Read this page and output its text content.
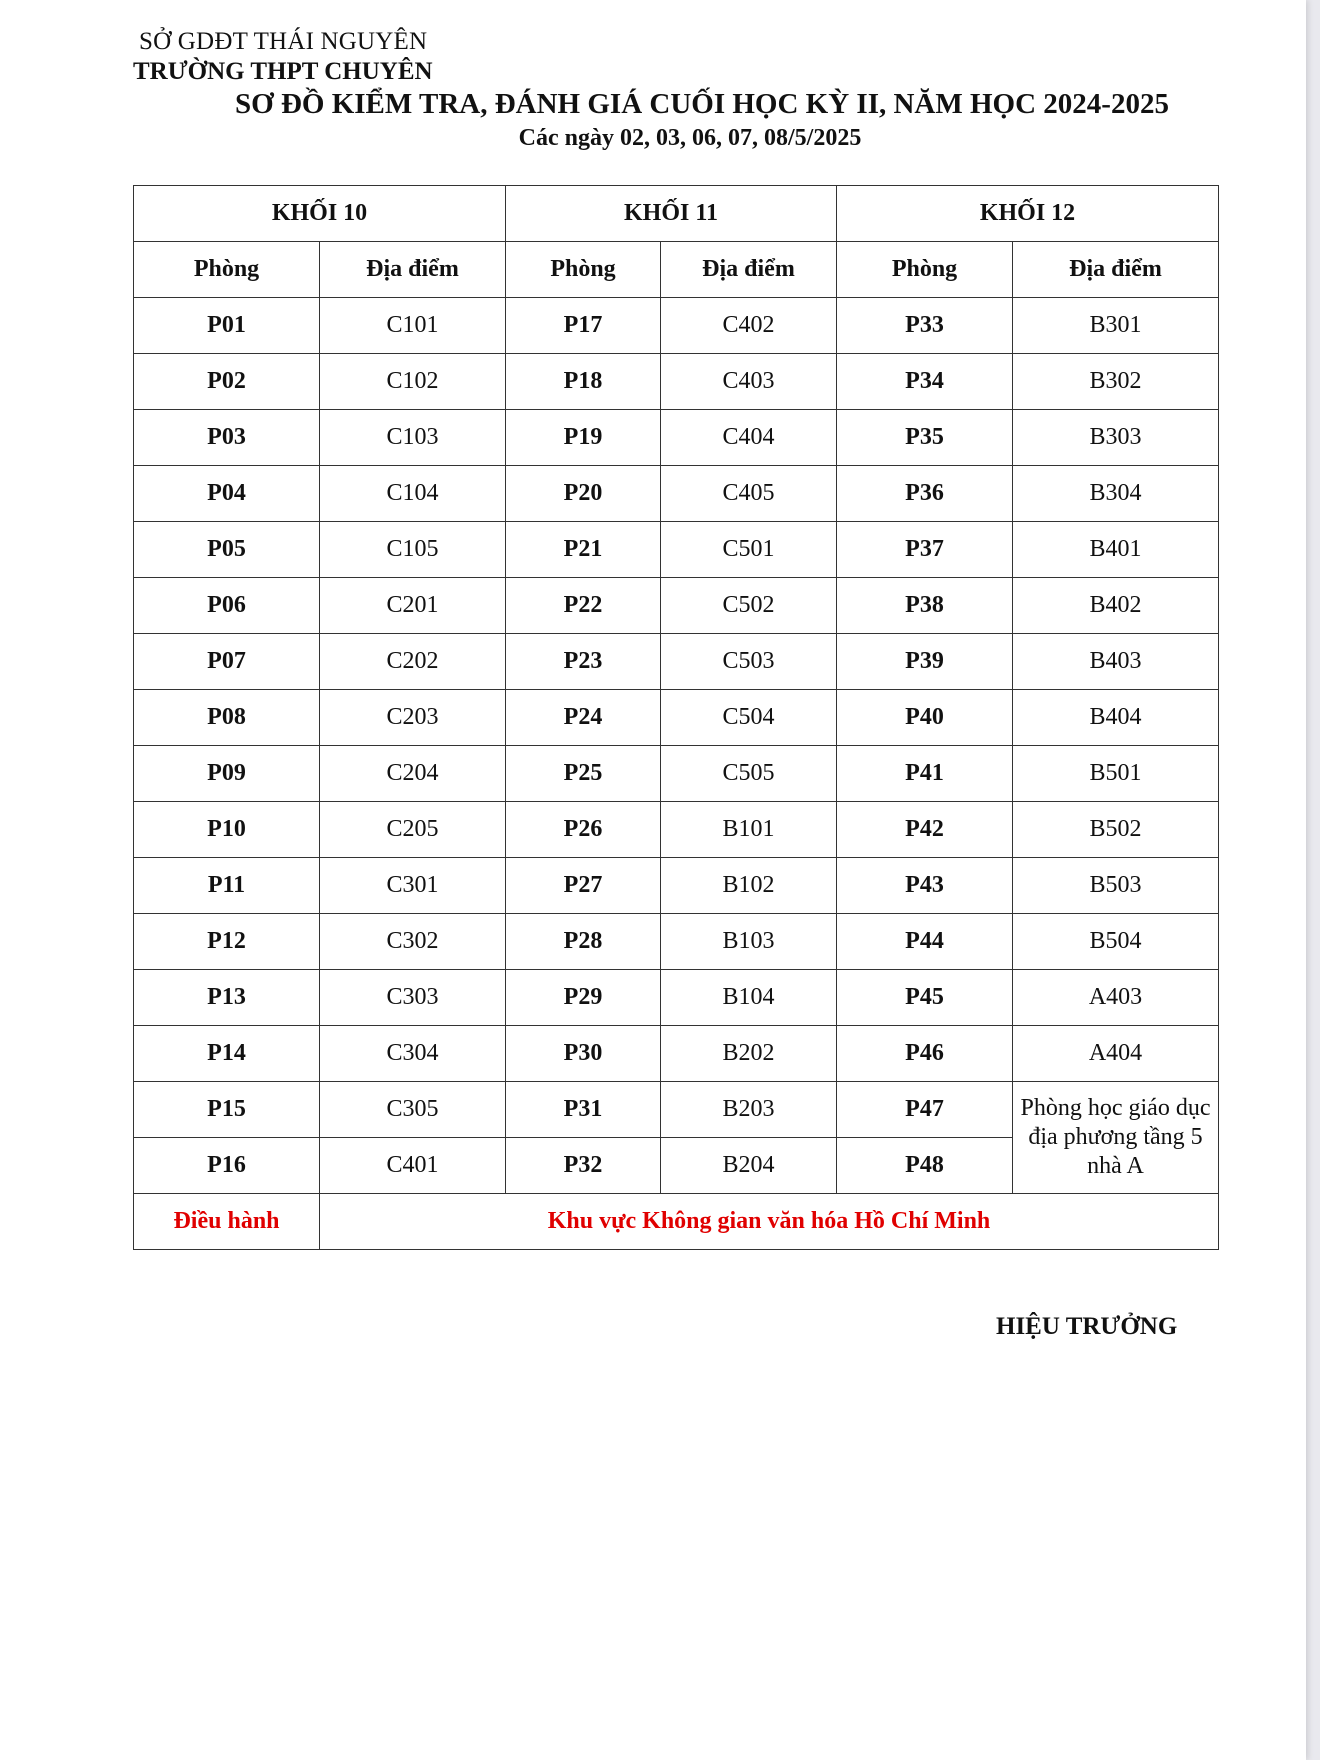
SỞ GDĐT THÁI NGUYÊN
TRƯỜNG THPT CHUYÊN
SƠ ĐỒ KIỂM TRA, ĐÁNH GIÁ CUỐI HỌC KỲ II, NĂM HỌC 2024-2025
Các ngày 02, 03, 06, 07, 08/5/2025
KHỐI 10		KHỐI 11		KHỐI 12	
Phòng	Địa điểm	Phòng	Địa điểm	Phòng	Địa điểm
P01	C101	P17	C402	P33	B301
P02	C102	P18	C403	P34	B302
P03	C103	P19	C404	P35	B303
P04	C104	P20	C405	P36	B304
P05	C105	P21	C501	P37	B401
P06	C201	P22	C502	P38	B402
P07	C202	P23	C503	P39	B403
P08	C203	P24	C504	P40	B404
P09	C204	P25	C505	P41	B501
P10	C205	P26	B101	P42	B502
P11	C301	P27	B102	P43	B503
P12	C302	P28	B103	P44	B504
P13	C303	P29	B104	P45	A403
P14	C304	P30	B202	P46	A404
P15	C305	P31	B203	P47	Phòng học giáo dục địa phương tầng 5 nhà A
P16	C401	P32	B204	P48	
Điều hành	Khu vực Không gian văn hóa Hồ Chí Minh				
HIỆU TRƯỞNG
